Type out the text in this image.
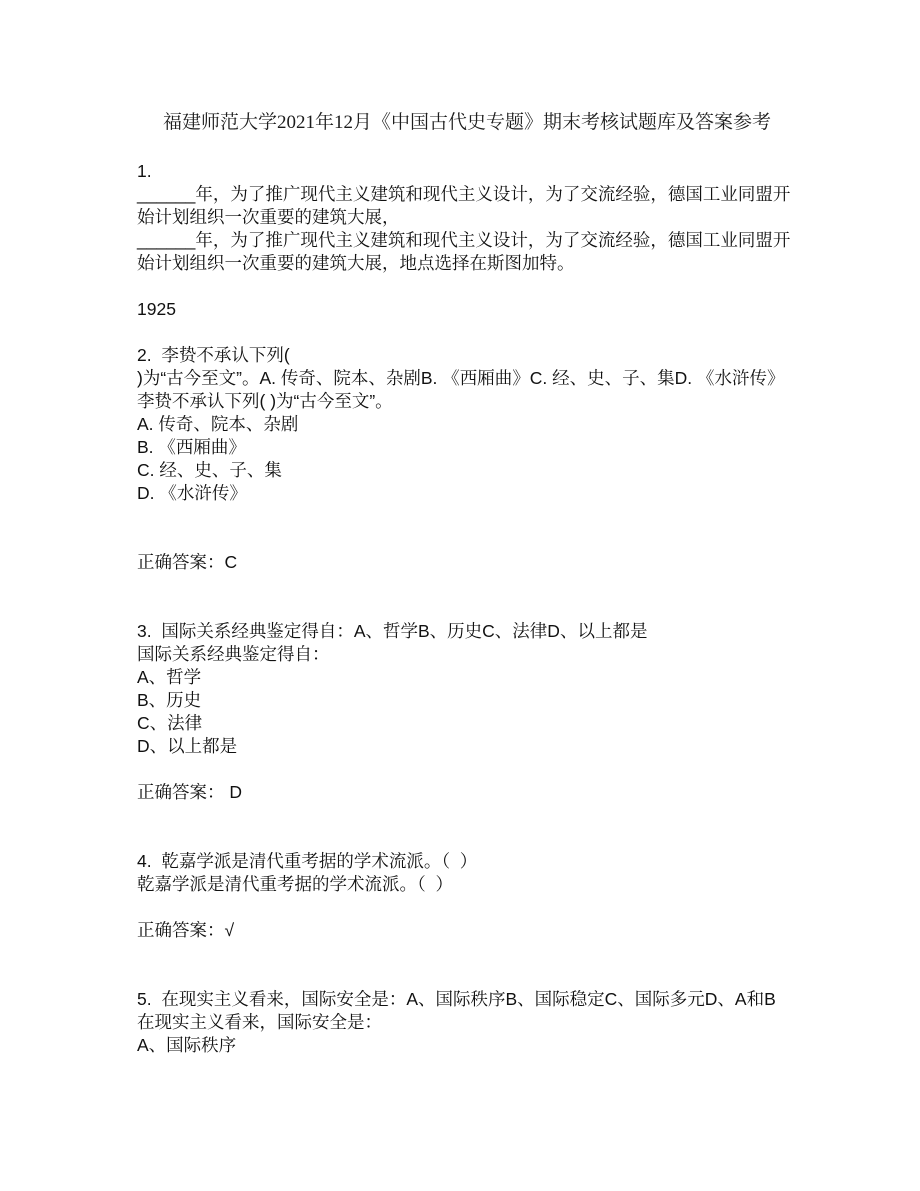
福建师范大学2021年12月《中国古代史专题》期末考核试题库及答案参考
1.
______年，为了推广现代主义建筑和现代主义设计，为了交流经验，德国工业同盟开始计划组织一次重要的建筑大展，
______年，为了推广现代主义建筑和现代主义设计，为了交流经验，德国工业同盟开始计划组织一次重要的建筑大展，地点选择在斯图加特。
1925
2.  李贽不承认下列(
)为“古今至文”。A. 传奇、院本、杂剧B. 《西厢曲》C. 经、史、子、集D. 《水浒传》
李贽不承认下列( )为“古今至文”。
A. 传奇、院本、杂剧
B. 《西厢曲》
C. 经、史、子、集
D. 《水浒传》
正确答案：C
3.  国际关系经典鉴定得自：A、哲学B、历史C、法律D、以上都是
国际关系经典鉴定得自：
A、哲学
B、历史
C、法律
D、以上都是
正确答案： D
4.  乾嘉学派是清代重考据的学术流派。（  ）
乾嘉学派是清代重考据的学术流派。（  ）
正确答案：√
5.  在现实主义看来，国际安全是：A、国际秩序B、国际稳定C、国际多元D、A和B
在现实主义看来，国际安全是：
A、国际秩序
